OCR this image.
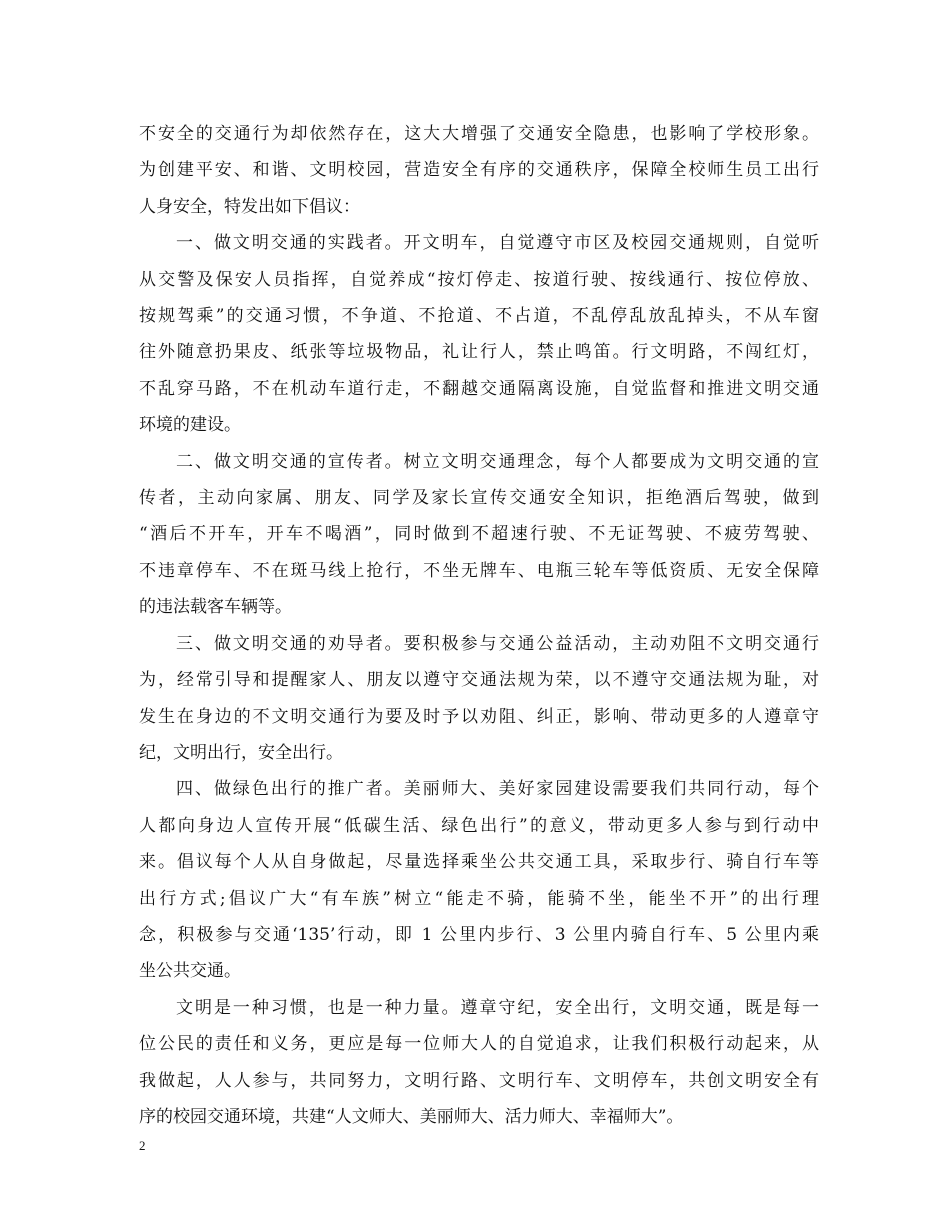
不安全的交通行为却依然存在，这大大增强了交通安全隐患，也影响了学校形象。
为创建平安、和谐、文明校园，营造安全有序的交通秩序，保障全校师生员工出行
人身安全，特发出如下倡议：

一、做文明交通的实践者。开文明车，自觉遵守市区及校园交通规则，自觉听
从交警及保安人员指挥，自觉养成“按灯停走、按道行驶、按线通行、按位停放、
按规驾乘”的交通习惯，不争道、不抢道、不占道，不乱停乱放乱掉头，不从车窗
往外随意扔果皮、纸张等垃圾物品，礼让行人，禁止鸣笛。行文明路，不闯红灯，
不乱穿马路，不在机动车道行走，不翻越交通隔离设施，自觉监督和推进文明交通
环境的建设。

二、做文明交通的宣传者。树立文明交通理念，每个人都要成为文明交通的宣
传者，主动向家属、朋友、同学及家长宣传交通安全知识，拒绝酒后驾驶，做到
“酒后不开车，开车不喝酒”，同时做到不超速行驶、不无证驾驶、不疲劳驾驶、
不违章停车、不在斑马线上抢行，不坐无牌车、电瓶三轮车等低资质、无安全保障
的违法载客车辆等。

三、做文明交通的劝导者。要积极参与交通公益活动，主动劝阻不文明交通行
为，经常引导和提醒家人、朋友以遵守交通法规为荣，以不遵守交通法规为耻，对
发生在身边的不文明交通行为要及时予以劝阻、纠正，影响、带动更多的人遵章守
纪，文明出行，安全出行。

四、做绿色出行的推广者。美丽师大、美好家园建设需要我们共同行动，每个
人都向身边人宣传开展“低碳生活、绿色出行”的意义，带动更多人参与到行动中
来。倡议每个人从自身做起，尽量选择乘坐公共交通工具，采取步行、骑自行车等
出行方式;倡议广大“有车族”树立“能走不骑，能骑不坐，能坐不开”的出行理
念，积极参与交通‘135’行动，即 1 公里内步行、3 公里内骑自行车、5 公里内乘
坐公共交通。

文明是一种习惯，也是一种力量。遵章守纪，安全出行，文明交通，既是每一
位公民的责任和义务，更应是每一位师大人的自觉追求，让我们积极行动起来，从
我做起，人人参与，共同努力，文明行路、文明行车、文明停车，共创文明安全有
序的校园交通环境，共建“人文师大、美丽师大、活力师大、幸福师大”。

2
